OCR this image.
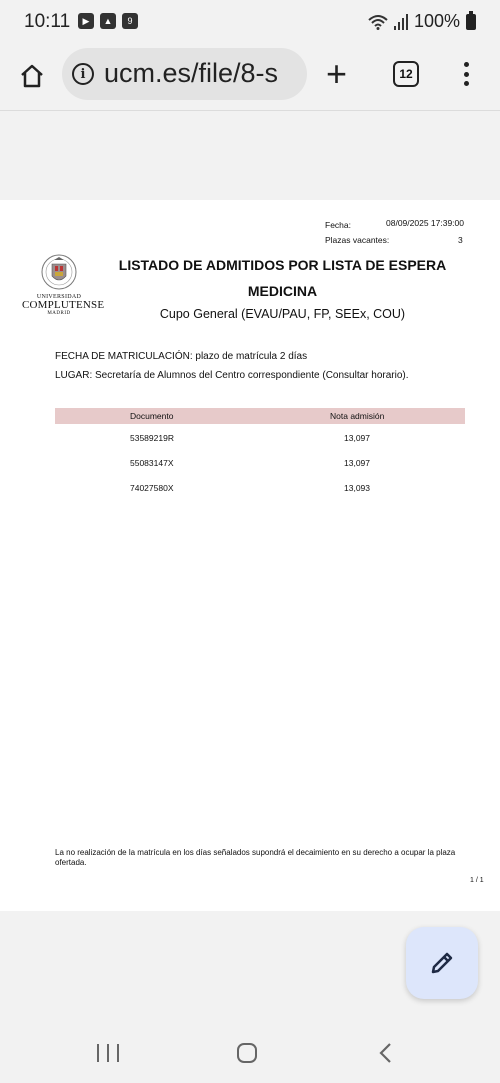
10:11	▶	▲	9	100%
i ucm.es/file/8-s +	12
Fecha:	08/09/2025 17:39:00
Plazas vacantes:	3
UNIVERSIDAD
COMPLUTENSE
MADRID
LISTADO DE ADMITIDOS POR LISTA DE ESPERA
MEDICINA
Cupo General (EVAU/PAU, FP, SEEx, COU)
FECHA DE MATRICULACIÓN: plazo de matrícula 2 días
LUGAR: Secretaría de Alumnos del Centro correspondiente (Consultar horario).
Documento	Nota admisión
53589219R	13,097
55083147X	13,097
74027580X	13,093
La no realización de la matrícula en los días señalados supondrá el decaimiento en su derecho a ocupar la plaza ofertada.
1 / 1
